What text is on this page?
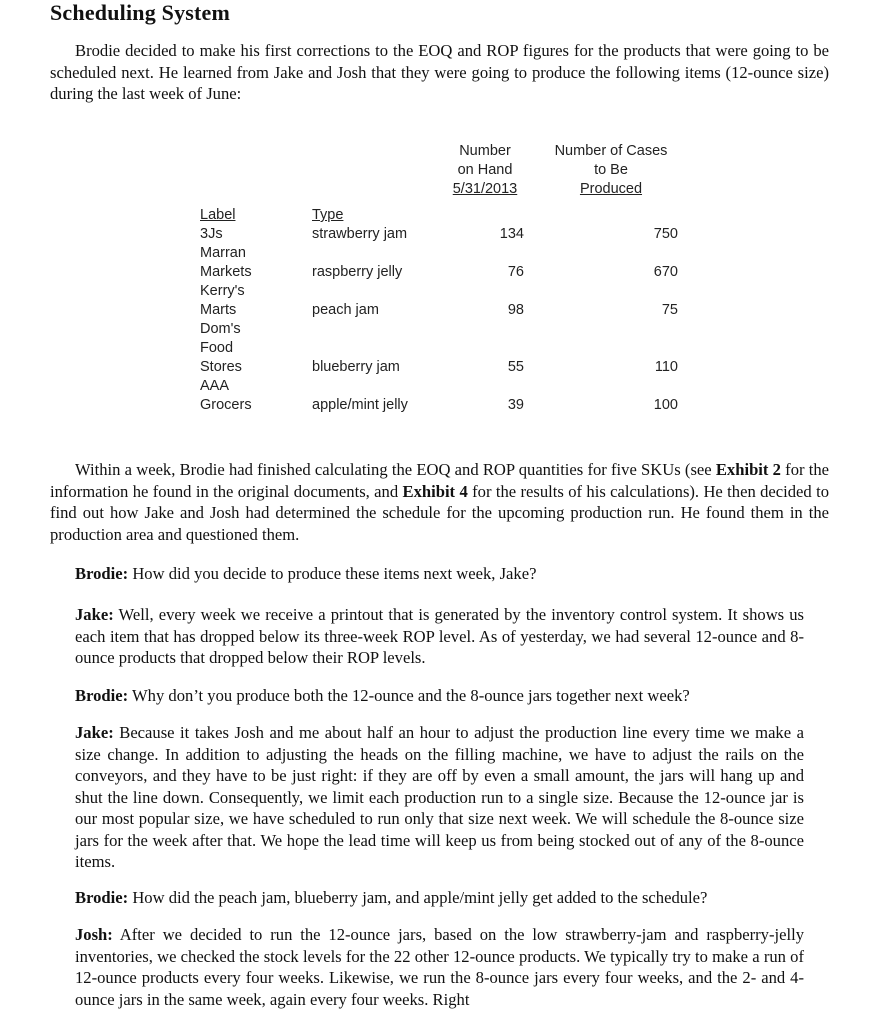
Scheduling System

Brodie decided to make his first corrections to the EOQ and ROP figures for the products that were going to be scheduled next. He learned from Jake and Josh that they were going to produce the following items (12-ounce size) during the last week of June:

Number
on Hand
5/31/2013
Number of Cases
to Be
Produced
Label	Type
3Js	strawberry jam	134	750
Marran
Markets	raspberry jelly	76	670
Kerry's
Marts	peach jam	98	75
Dom's
Food
Stores	blueberry jam	55	110
AAA
Grocers	apple/mint jelly	39	100

Within a week, Brodie had finished calculating the EOQ and ROP quantities for five SKUs (see Exhibit 2 for the information he found in the original documents, and Exhibit 4 for the results of his calculations). He then decided to find out how Jake and Josh had determined the schedule for the upcoming production run. He found them in the production area and questioned them.

Brodie: How did you decide to produce these items next week, Jake?

Jake: Well, every week we receive a printout that is generated by the inventory control system. It shows us each item that has dropped below its three-week ROP level. As of yesterday, we had several 12-ounce and 8-ounce products that dropped below their ROP levels.

Brodie: Why don’t you produce both the 12-ounce and the 8-ounce jars together next week?

Jake: Because it takes Josh and me about half an hour to adjust the production line every time we make a size change. In addition to adjusting the heads on the filling machine, we have to adjust the rails on the conveyors, and they have to be just right: if they are off by even a small amount, the jars will hang up and shut the line down. Consequently, we limit each production run to a single size. Because the 12-ounce jar is our most popular size, we have scheduled to run only that size next week. We will schedule the 8-ounce size jars for the week after that. We hope the lead time will keep us from being stocked out of any of the 8-ounce items.

Brodie: How did the peach jam, blueberry jam, and apple/mint jelly get added to the schedule?

Josh: After we decided to run the 12-ounce jars, based on the low strawberry-jam and raspberry-jelly inventories, we checked the stock levels for the 22 other 12-ounce products. We typically try to make a run of 12-ounce products every four weeks. Likewise, we run the 8-ounce jars every four weeks, and the 2- and 4-ounce jars in the same week, again every four weeks. Right
